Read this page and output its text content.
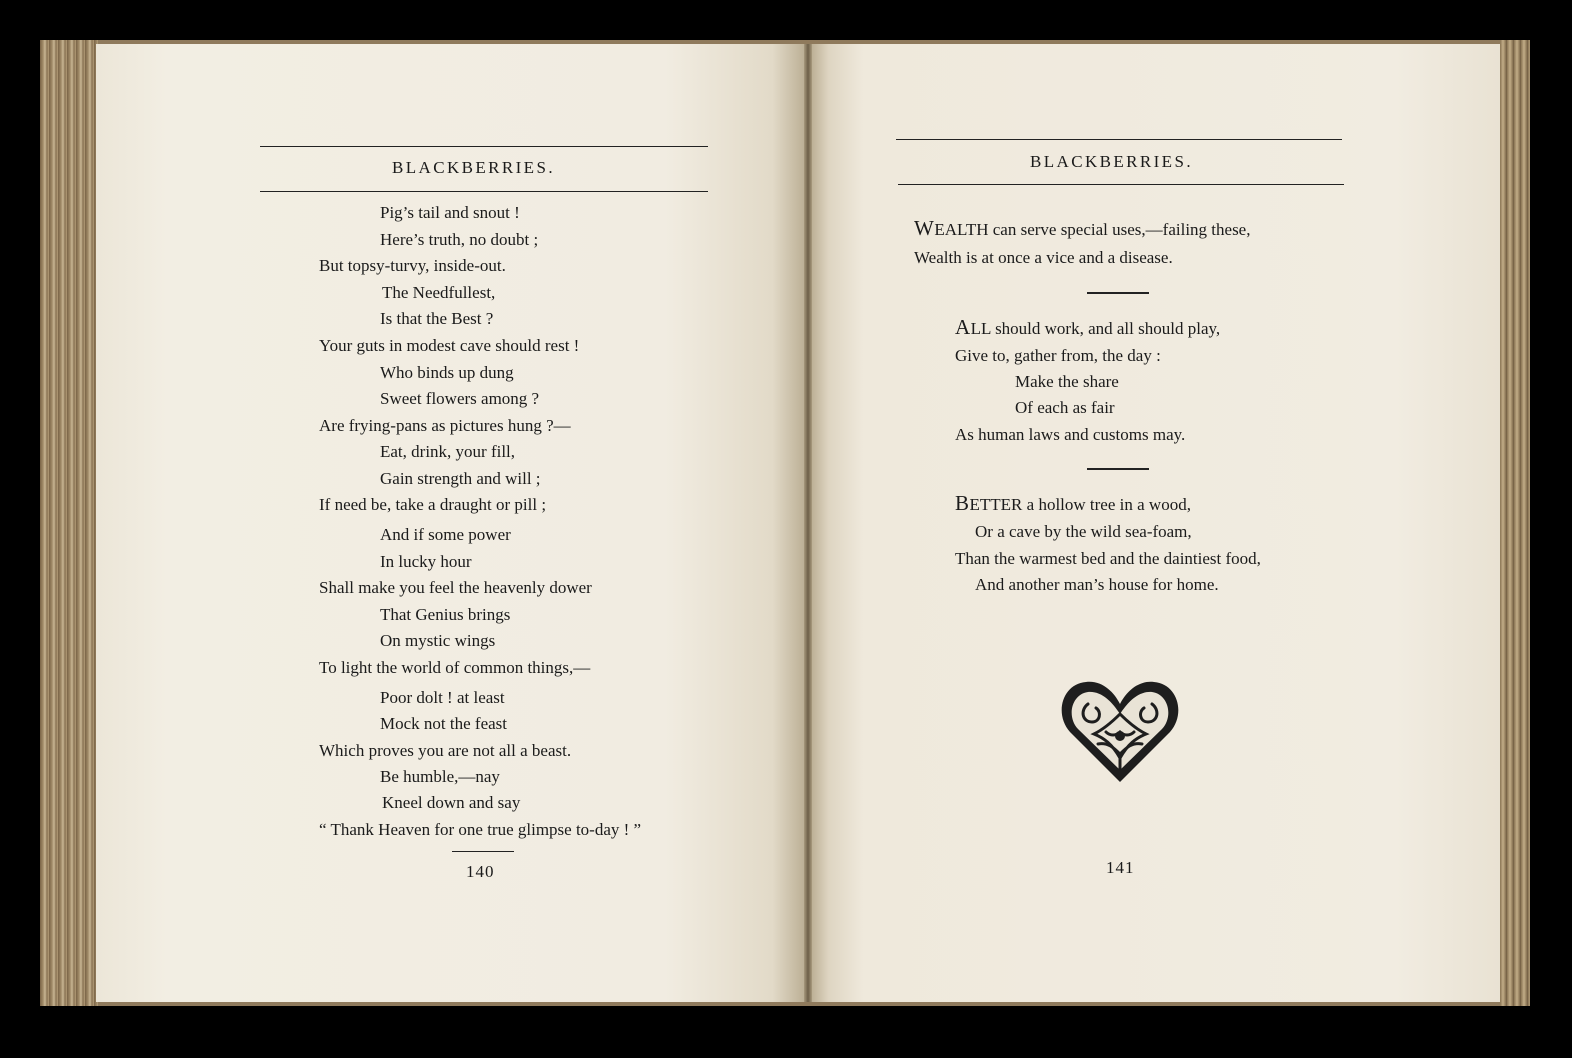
BLACKBERRIES.
Pig’s tail and snout !
Here’s truth, no doubt ;
But topsy-turvy, inside-out.
The Needfullest,
Is that the Best ?
Your guts in modest cave should rest !
Who binds up dung
Sweet flowers among ?
Are frying-pans as pictures hung ?—
Eat, drink, your fill,
Gain strength and will ;
If need be, take a draught or pill ;
And if some power
In lucky hour
Shall make you feel the heavenly dower
That Genius brings
On mystic wings
To light the world of common things,—
Poor dolt ! at least
Mock not the feast
Which proves you are not all a beast.
Be humble,—nay
Kneel down and say
“ Thank Heaven for one true glimpse to-day ! ”
140
BLACKBERRIES.
WEALTH can serve special uses,—failing these,
Wealth is at once a vice and a disease.
ALL should work, and all should play,
Give to, gather from, the day :
Make the share
Of each as fair
As human laws and customs may.
BETTER a hollow tree in a wood,
Or a cave by the wild sea-foam,
Than the warmest bed and the daintiest food,
And another man’s house for home.
141
